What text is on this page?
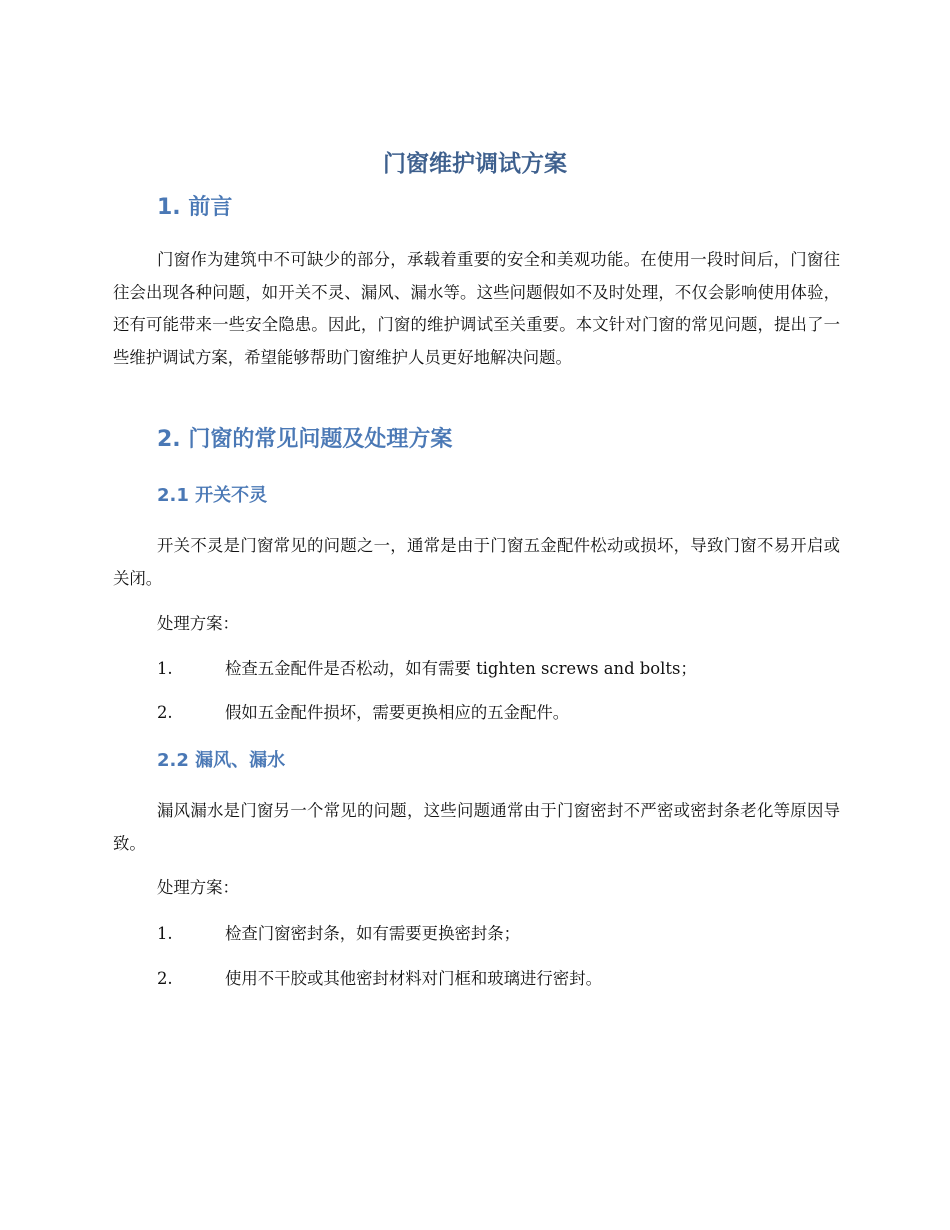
门窗维护调试方案
1. 前言

门窗作为建筑中不可缺少的部分，承载着重要的安全和美观功能。在使用一段时间后，门窗往往会出现各种问题，如开关不灵、漏风、漏水等。这些问题假如不及时处理，不仅会影响使用体验，还有可能带来一些安全隐患。因此，门窗的维护调试至关重要。本文针对门窗的常见问题，提出了一些维护调试方案，希望能够帮助门窗维护人员更好地解决问题。

2. 门窗的常见问题及处理方案
2.1 开关不灵

开关不灵是门窗常见的问题之一，通常是由于门窗五金配件松动或损坏，导致门窗不易开启或关闭。

处理方案：

1.	检查五金配件是否松动，如有需要 tighten screws and bolts；
2.	假如五金配件损坏，需要更换相应的五金配件。
2.2 漏风、漏水

漏风漏水是门窗另一个常见的问题，这些问题通常由于门窗密封不严密或密封条老化等原因导致。

处理方案：

1.	检查门窗密封条，如有需要更换密封条；
2.	使用不干胶或其他密封材料对门框和玻璃进行密封。
